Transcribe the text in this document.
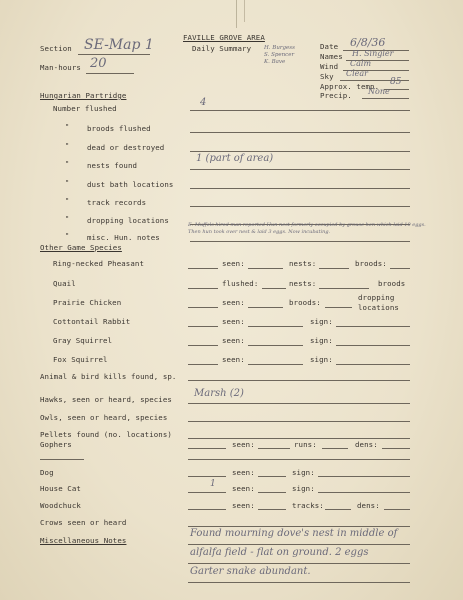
FAVILLE GROVE AREA
Daily Summary H. Burgess
S. Spencer
K. Bave
Section SE-Map 1
Man-hours 20
Date 6/8/36
Names H. Singler
Wind Calm
Sky Clear
Approx. temp. 85
Precip. None
Hungarian Partridge
Number flushed
4
" broods flushed
" dead or destroyed
" nests found
1 (part of area)
" dust bath locations
" track records
" dropping locations
" misc. Hun. notes
E. Muffels hired man reported Hun nest formerly occupied by grouse hen which laid 10 eggs. Then hun took over nest & laid 3 eggs. Now incubating.
Other Game Species
Ring-necked Pheasant	seen:	nests:	broods:
Quail	flushed:	nests:	broods
Prairie Chicken	seen:	broods:
dropping
locations
Cottontail Rabbit	seen:	sign:
Gray Squirrel	seen:	sign:
Fox Squirrel	seen:	sign:
Animal & bird kills found, sp.
Hawks, seen or heard, species
Marsh (2)
Owls, seen or heard, species
Pellets found (no. locations)
Gophers	seen:	runs:	dens:
Dog	seen:	sign:
House Cat	1 seen:	sign:
Woodchuck	seen:	tracks:	dens:
Crows seen or heard
Miscellaneous Notes
Found mourning dove's nest in middle of
alfalfa field - flat on ground. 2 eggs
Garter snake abundant.
